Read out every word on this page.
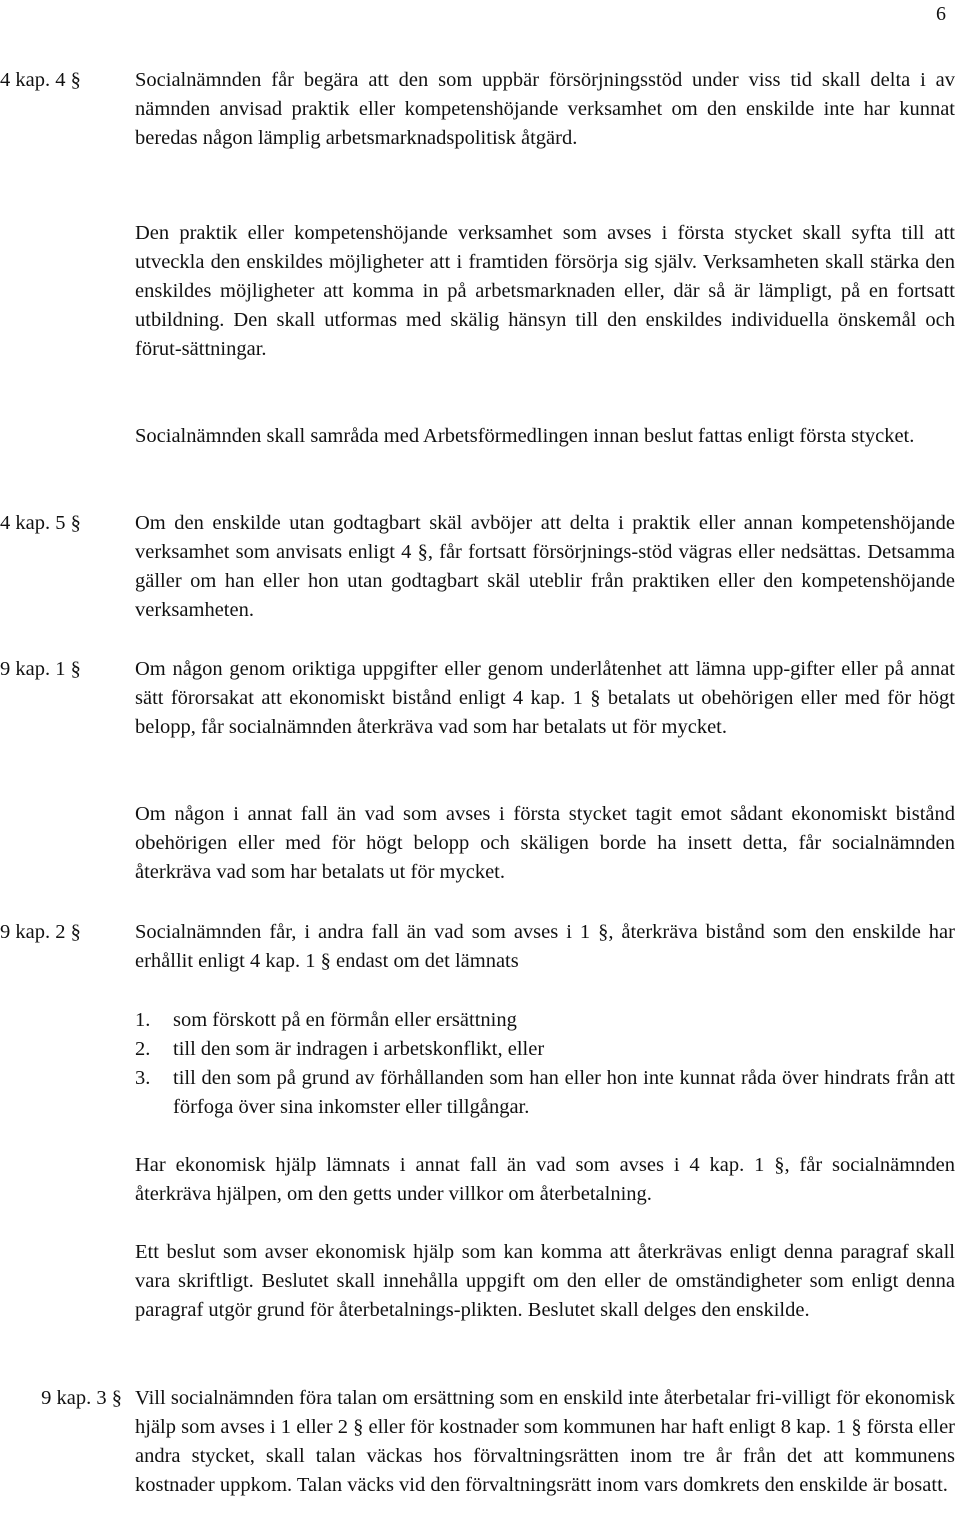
6
4 kap. 4 §	Socialnämnden får begära att den som uppbär försörjningsstöd under viss tid skall delta i av nämnden anvisad praktik eller kompetenshöjande verksamhet om den enskilde inte har kunnat beredas någon lämplig arbetsmarknadspolitisk åtgärd.

Den praktik eller kompetenshöjande verksamhet som avses i första stycket skall syfta till att utveckla den enskildes möjligheter att i framtiden försörja sig själv. Verksamheten skall stärka den enskildes möjligheter att komma in på arbetsmarknaden eller, där så är lämpligt, på en fortsatt utbildning. Den skall utformas med skälig hänsyn till den enskildes individuella önskemål och förut-sättningar.

Socialnämnden skall samråda med Arbetsförmedlingen innan beslut fattas enligt första stycket.

4 kap. 5 §	Om den enskilde utan godtagbart skäl avböjer att delta i praktik eller annan kompetenshöjande verksamhet som anvisats enligt 4 §, får fortsatt försörjnings-stöd vägras eller nedsättas. Detsamma gäller om han eller hon utan godtagbart skäl uteblir från praktiken eller den kompetenshöjande verksamheten.

9 kap. 1 §	Om någon genom oriktiga uppgifter eller genom underlåtenhet att lämna upp-gifter eller på annat sätt förorsakat att ekonomiskt bistånd enligt 4 kap. 1 § betalats ut obehörigen eller med för högt belopp, får socialnämnden återkräva vad som har betalats ut för mycket.

Om någon i annat fall än vad som avses i första stycket tagit emot sådant ekonomiskt bistånd obehörigen eller med för högt belopp och skäligen borde ha insett detta, får socialnämnden återkräva vad som har betalats ut för mycket.

9 kap. 2 §	Socialnämnden får, i andra fall än vad som avses i 1 §, återkräva bistånd som den enskilde har erhållit enligt 4 kap. 1 § endast om det lämnats

1. som förskott på en förmån eller ersättning
2. till den som är indragen i arbetskonflikt, eller
3. till den som på grund av förhållanden som han eller hon inte kunnat råda över hindrats från att förfoga över sina inkomster eller tillgångar.

Har ekonomisk hjälp lämnats i annat fall än vad som avses i 4 kap. 1 §, får socialnämnden återkräva hjälpen, om den getts under villkor om återbetalning.

Ett beslut som avser ekonomisk hjälp som kan komma att återkrävas enligt denna paragraf skall vara skriftligt. Beslutet skall innehålla uppgift om den eller de omständigheter som enligt denna paragraf utgör grund för återbetalnings-plikten. Beslutet skall delges den enskilde.

9 kap. 3 § Vill socialnämnden föra talan om ersättning som en enskild inte återbetalar fri-villigt för ekonomisk hjälp som avses i 1 eller 2 § eller för kostnader som kommunen har haft enligt 8 kap. 1 § första eller andra stycket, skall talan väckas hos förvaltningsrätten inom tre år från det att kommunens kostnader uppkom. Talan väcks vid den förvaltningsrätt inom vars domkrets den enskilde är bosatt.
